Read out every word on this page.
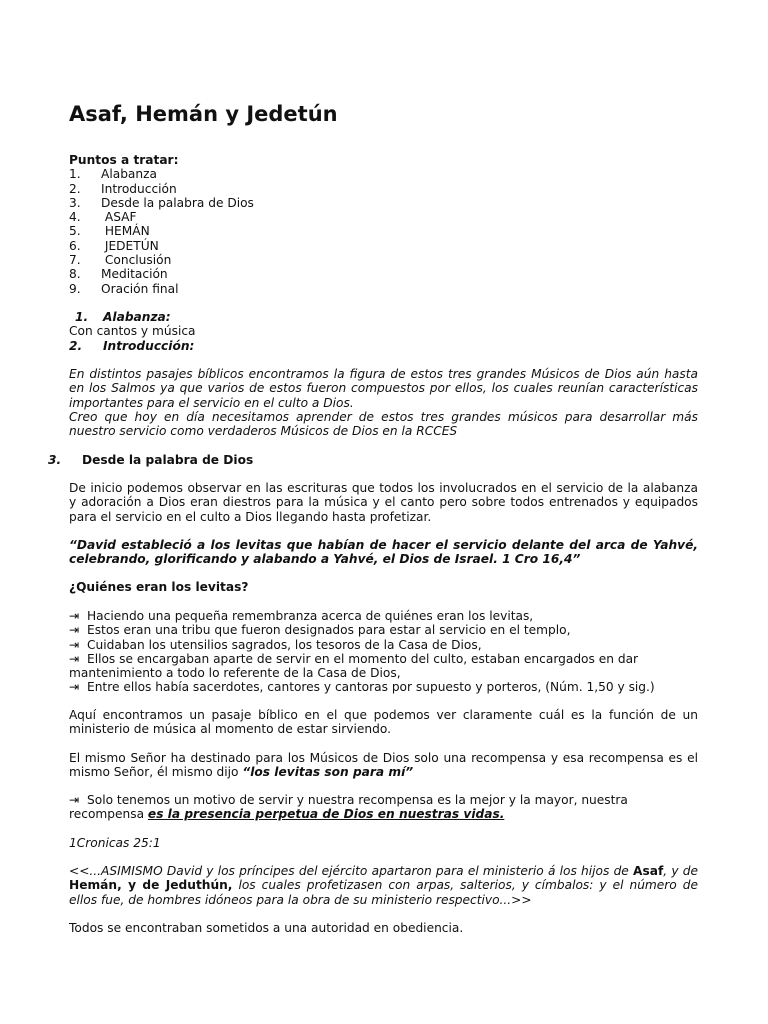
Asaf, Hemán y Jedetún
Puntos a tratar:
1.	Alabanza
2.	Introducción
3.	Desde la palabra de Dios
4.	ASAF
5.	HEMÁN
6.	JEDETÚN
7.	Conclusión
8.	Meditación
9.	Oración final
1.	Alabanza:
Con cantos y música
2.	Introducción:
En distintos pasajes bíblicos encontramos la figura de estos tres grandes Músicos de Dios aún hasta en los Salmos ya que varios de estos fueron compuestos por ellos, los cuales reunían características importantes para el servicio en el culto a Dios.
Creo que hoy en día necesitamos aprender de estos tres grandes músicos para desarrollar más nuestro servicio como verdaderos Músicos de Dios en la RCCES
3.	Desde la palabra de Dios
De inicio podemos observar en las escrituras que todos los involucrados en el servicio de la alabanza y adoración a Dios eran diestros para la música y el canto pero sobre todos entrenados y equipados para el servicio en el culto a Dios llegando hasta profetizar.
“David estableció a los levitas que habían de hacer el servicio delante del arca de Yahvé, celebrando, glorificando y alabando a Yahvé, el Dios de Israel. 1 Cro 16,4”
¿Quiénes eran los levitas?
⇥ Haciendo una pequeña remembranza acerca de quiénes eran los levitas,
⇥ Estos eran una tribu que fueron designados para estar al servicio en el templo,
⇥ Cuidaban los utensilios sagrados, los tesoros de la Casa de Dios,
⇥ Ellos se encargaban aparte de servir en el momento del culto, estaban encargados en dar mantenimiento a todo lo referente de la Casa de Dios,
⇥ Entre ellos había sacerdotes, cantores y cantoras por supuesto y porteros, (Núm. 1,50 y sig.)
Aquí encontramos un pasaje bíblico en el que podemos ver claramente cuál es la función de un ministerio de música al momento de estar sirviendo.
El mismo Señor ha destinado para los Músicos de Dios solo una recompensa y esa recompensa es el mismo Señor, él mismo dijo “los levitas son para mí”
⇥ Solo tenemos un motivo de servir y nuestra recompensa es la mejor y la mayor, nuestra recompensa es la presencia perpetua de Dios en nuestras vidas.
1Cronicas 25:1
<<...ASIMISMO David y los príncipes del ejército apartaron para el ministerio á los hijos de Asaf, y de Hemán, y de Jeduthún, los cuales profetizasen con arpas, salterios, y címbalos: y el número de ellos fue, de hombres idóneos para la obra de su ministerio respectivo...>>
Todos se encontraban sometidos a una autoridad en obediencia.
